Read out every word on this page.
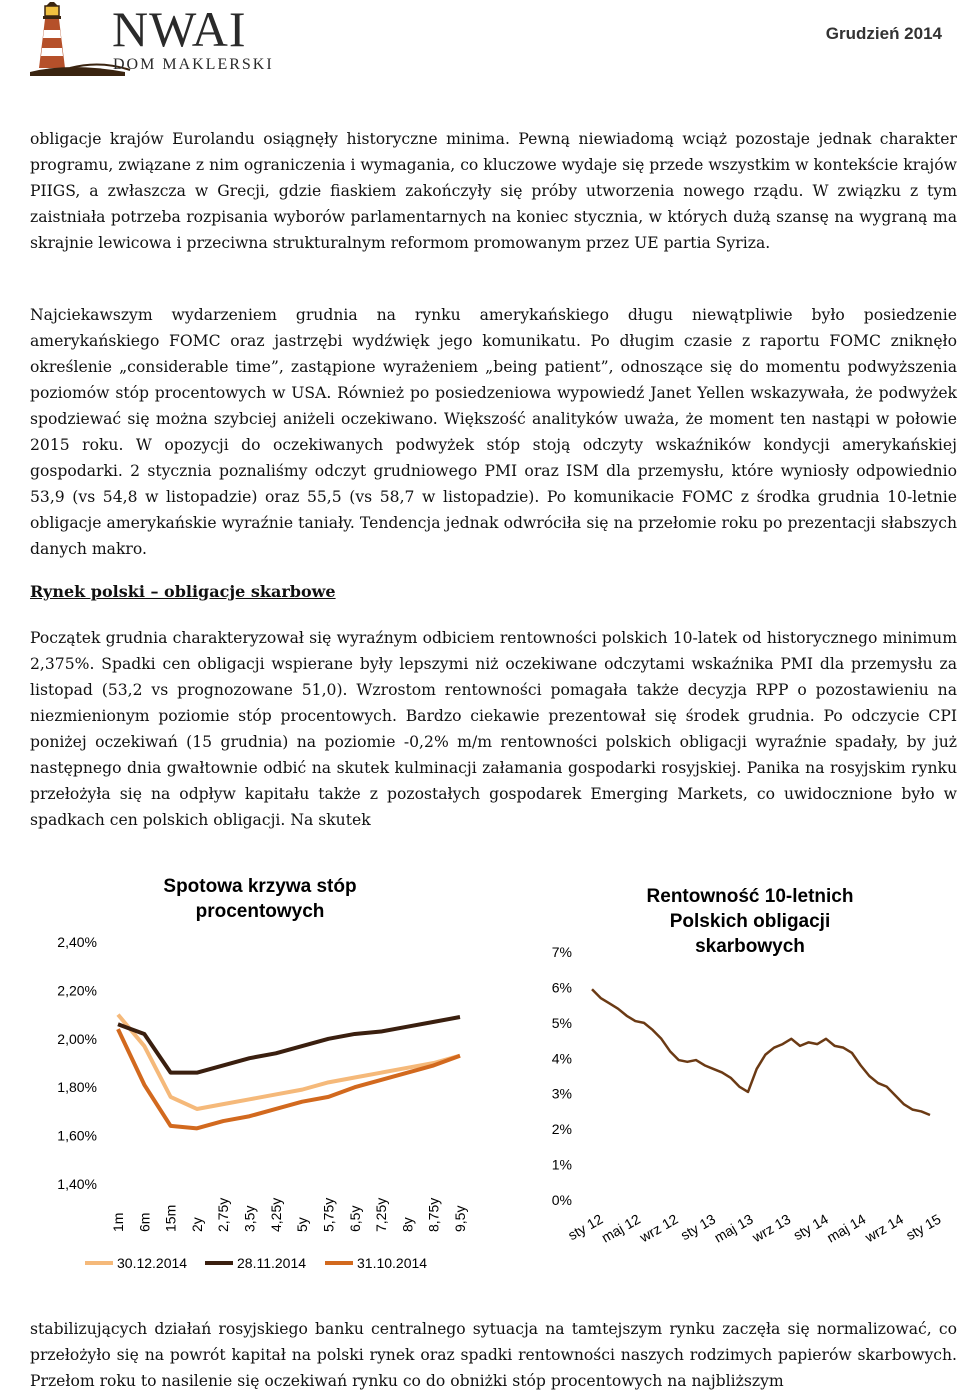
NWAI
DOM MAKLERSKI
Grudzień 2014

obligacje krajów Eurolandu osiągnęły historyczne minima. Pewną niewiadomą wciąż pozostaje jednak charakter programu, związane z nim ograniczenia i wymagania, co kluczowe wydaje się przede wszystkim w kontekście krajów PIIGS, a zwłaszcza w Grecji, gdzie fiaskiem zakończyły się próby utworzenia nowego rządu. W związku z tym zaistniała potrzeba rozpisania wyborów parlamentarnych na koniec stycznia, w których dużą szansę na wygraną ma skrajnie lewicowa i przeciwna strukturalnym reformom promowanym przez UE partia Syriza.

Najciekawszym wydarzeniem grudnia na rynku amerykańskiego długu niewątpliwie było posiedzenie amerykańskiego FOMC oraz jastrzębi wydźwięk jego komunikatu. Po długim czasie z raportu FOMC zniknęło określenie „considerable time”, zastąpione wyrażeniem „being patient”, odnoszące się do momentu podwyższenia poziomów stóp procentowych w USA. Również po posiedzeniowa wypowiedź Janet Yellen wskazywała, że podwyżek spodziewać się można szybciej aniżeli oczekiwano. Większość analityków uważa, że moment ten nastąpi w połowie 2015 roku. W opozycji do oczekiwanych podwyżek stóp stoją odczyty wskaźników kondycji amerykańskiej gospodarki. 2 stycznia poznaliśmy odczyt grudniowego PMI oraz ISM dla przemysłu, które wyniosły odpowiednio 53,9 (vs 54,8 w listopadzie) oraz 55,5 (vs 58,7 w listopadzie). Po komunikacie FOMC z środka grudnia 10-letnie obligacje amerykańskie wyraźnie taniały. Tendencja jednak odwróciła się na przełomie roku po prezentacji słabszych danych makro.

Rynek polski – obligacje skarbowe

Początek grudnia charakteryzował się wyraźnym odbiciem rentowności polskich 10-latek od historycznego minimum 2,375%. Spadki cen obligacji wspierane były lepszymi niż oczekiwane odczytami wskaźnika PMI dla przemysłu za listopad (53,2 vs prognozowane 51,0). Wzrostom rentowności pomagała także decyzja RPP o pozostawieniu na niezmienionym poziomie stóp procentowych. Bardzo ciekawie prezentował się środek grudnia. Po odczycie CPI poniżej oczekiwań (15 grudnia) na poziomie -0,2% m/m rentowności polskich obligacji wyraźnie spadały, by już następnego dnia gwałtownie odbić na skutek kulminacji załamania gospodarki rosyjskiej. Panika na rosyjskim rynku przełożyła się na odpływ kapitału także z pozostałych gospodarek Emerging Markets, co uwidocznione było w spadkach cen polskich obligacji. Na skutek

Spotowa krzywa stóp
procentowych
2,40%
2,20%
2,00%
1,80%
1,60%
1,40%
1m 6m 15m 2y 2,75y 3,5y 4,25y 5y 5,75y 6,5y 7,25y 8y 8,75y 9,5y
30.12.2014	28.11.2014	31.10.2014
Rentowność 10-letnich
Polskich obligacji
skarbowych
7%
6%
5%
4%
3%
2%
1%
0%
sty 12
maj 12
wrz 12
sty 13
maj 13
wrz 13
sty 14
maj 14
wrz 14
sty 15

stabilizujących działań rosyjskiego banku centralnego sytuacja na tamtejszym rynku zaczęła się normalizować, co przełożyło się na powrót kapitał na polski rynek oraz spadki rentowności naszych rodzimych papierów skarbowych. Przełom roku to nasilenie się oczekiwań rynku co do obniżki stóp procentowych na najbliższym
